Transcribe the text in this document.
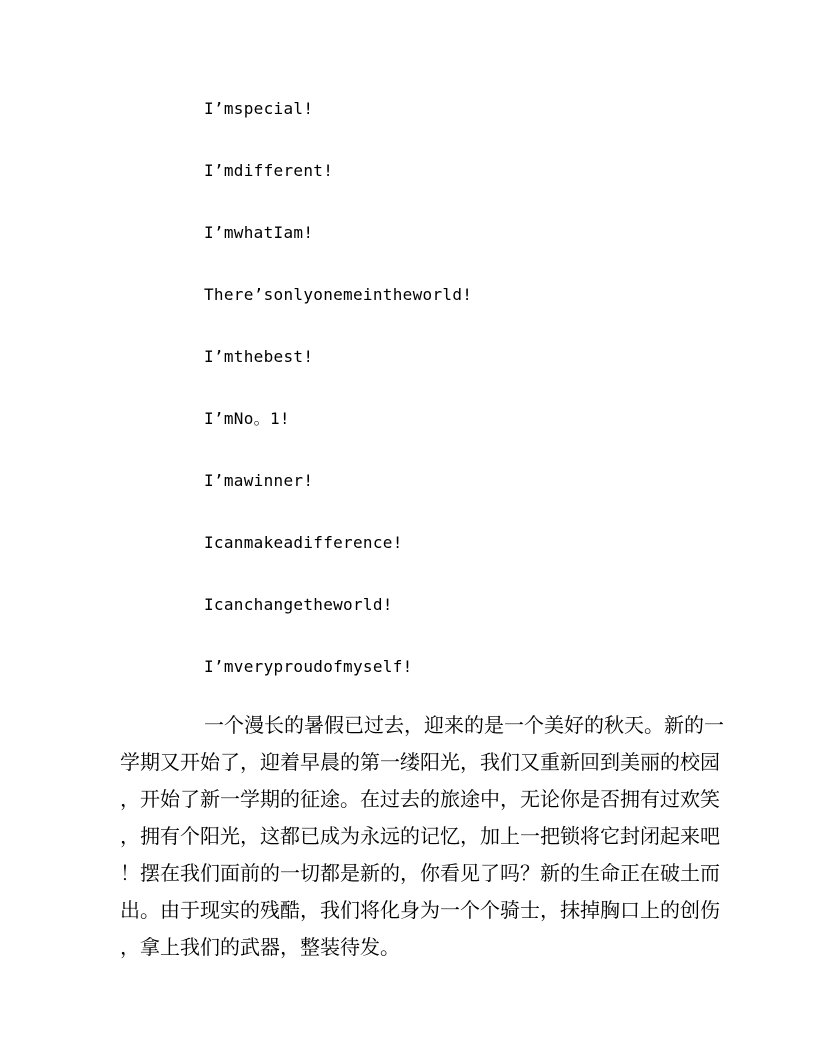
I’mspecial!
I’mdifferent!
I’mwhatIam!
There’sonlyonemeintheworld!
I’mthebest!
I’mNo。1!
I’mawinner!
Icanmakeadifference!
Icanchangetheworld!
I’mveryproudofmyself!
一个漫长的暑假已过去，迎来的是一个美好的秋天。新的一
学期又开始了，迎着早晨的第一缕阳光，我们又重新回到美丽的校园
，开始了新一学期的征途。在过去的旅途中，无论你是否拥有过欢笑
，拥有个阳光，这都已成为永远的记忆，加上一把锁将它封闭起来吧
！摆在我们面前的一切都是新的，你看见了吗？新的生命正在破土而
出。由于现实的残酷，我们将化身为一个个骑士，抹掉胸口上的创伤
，拿上我们的武器，整装待发。
